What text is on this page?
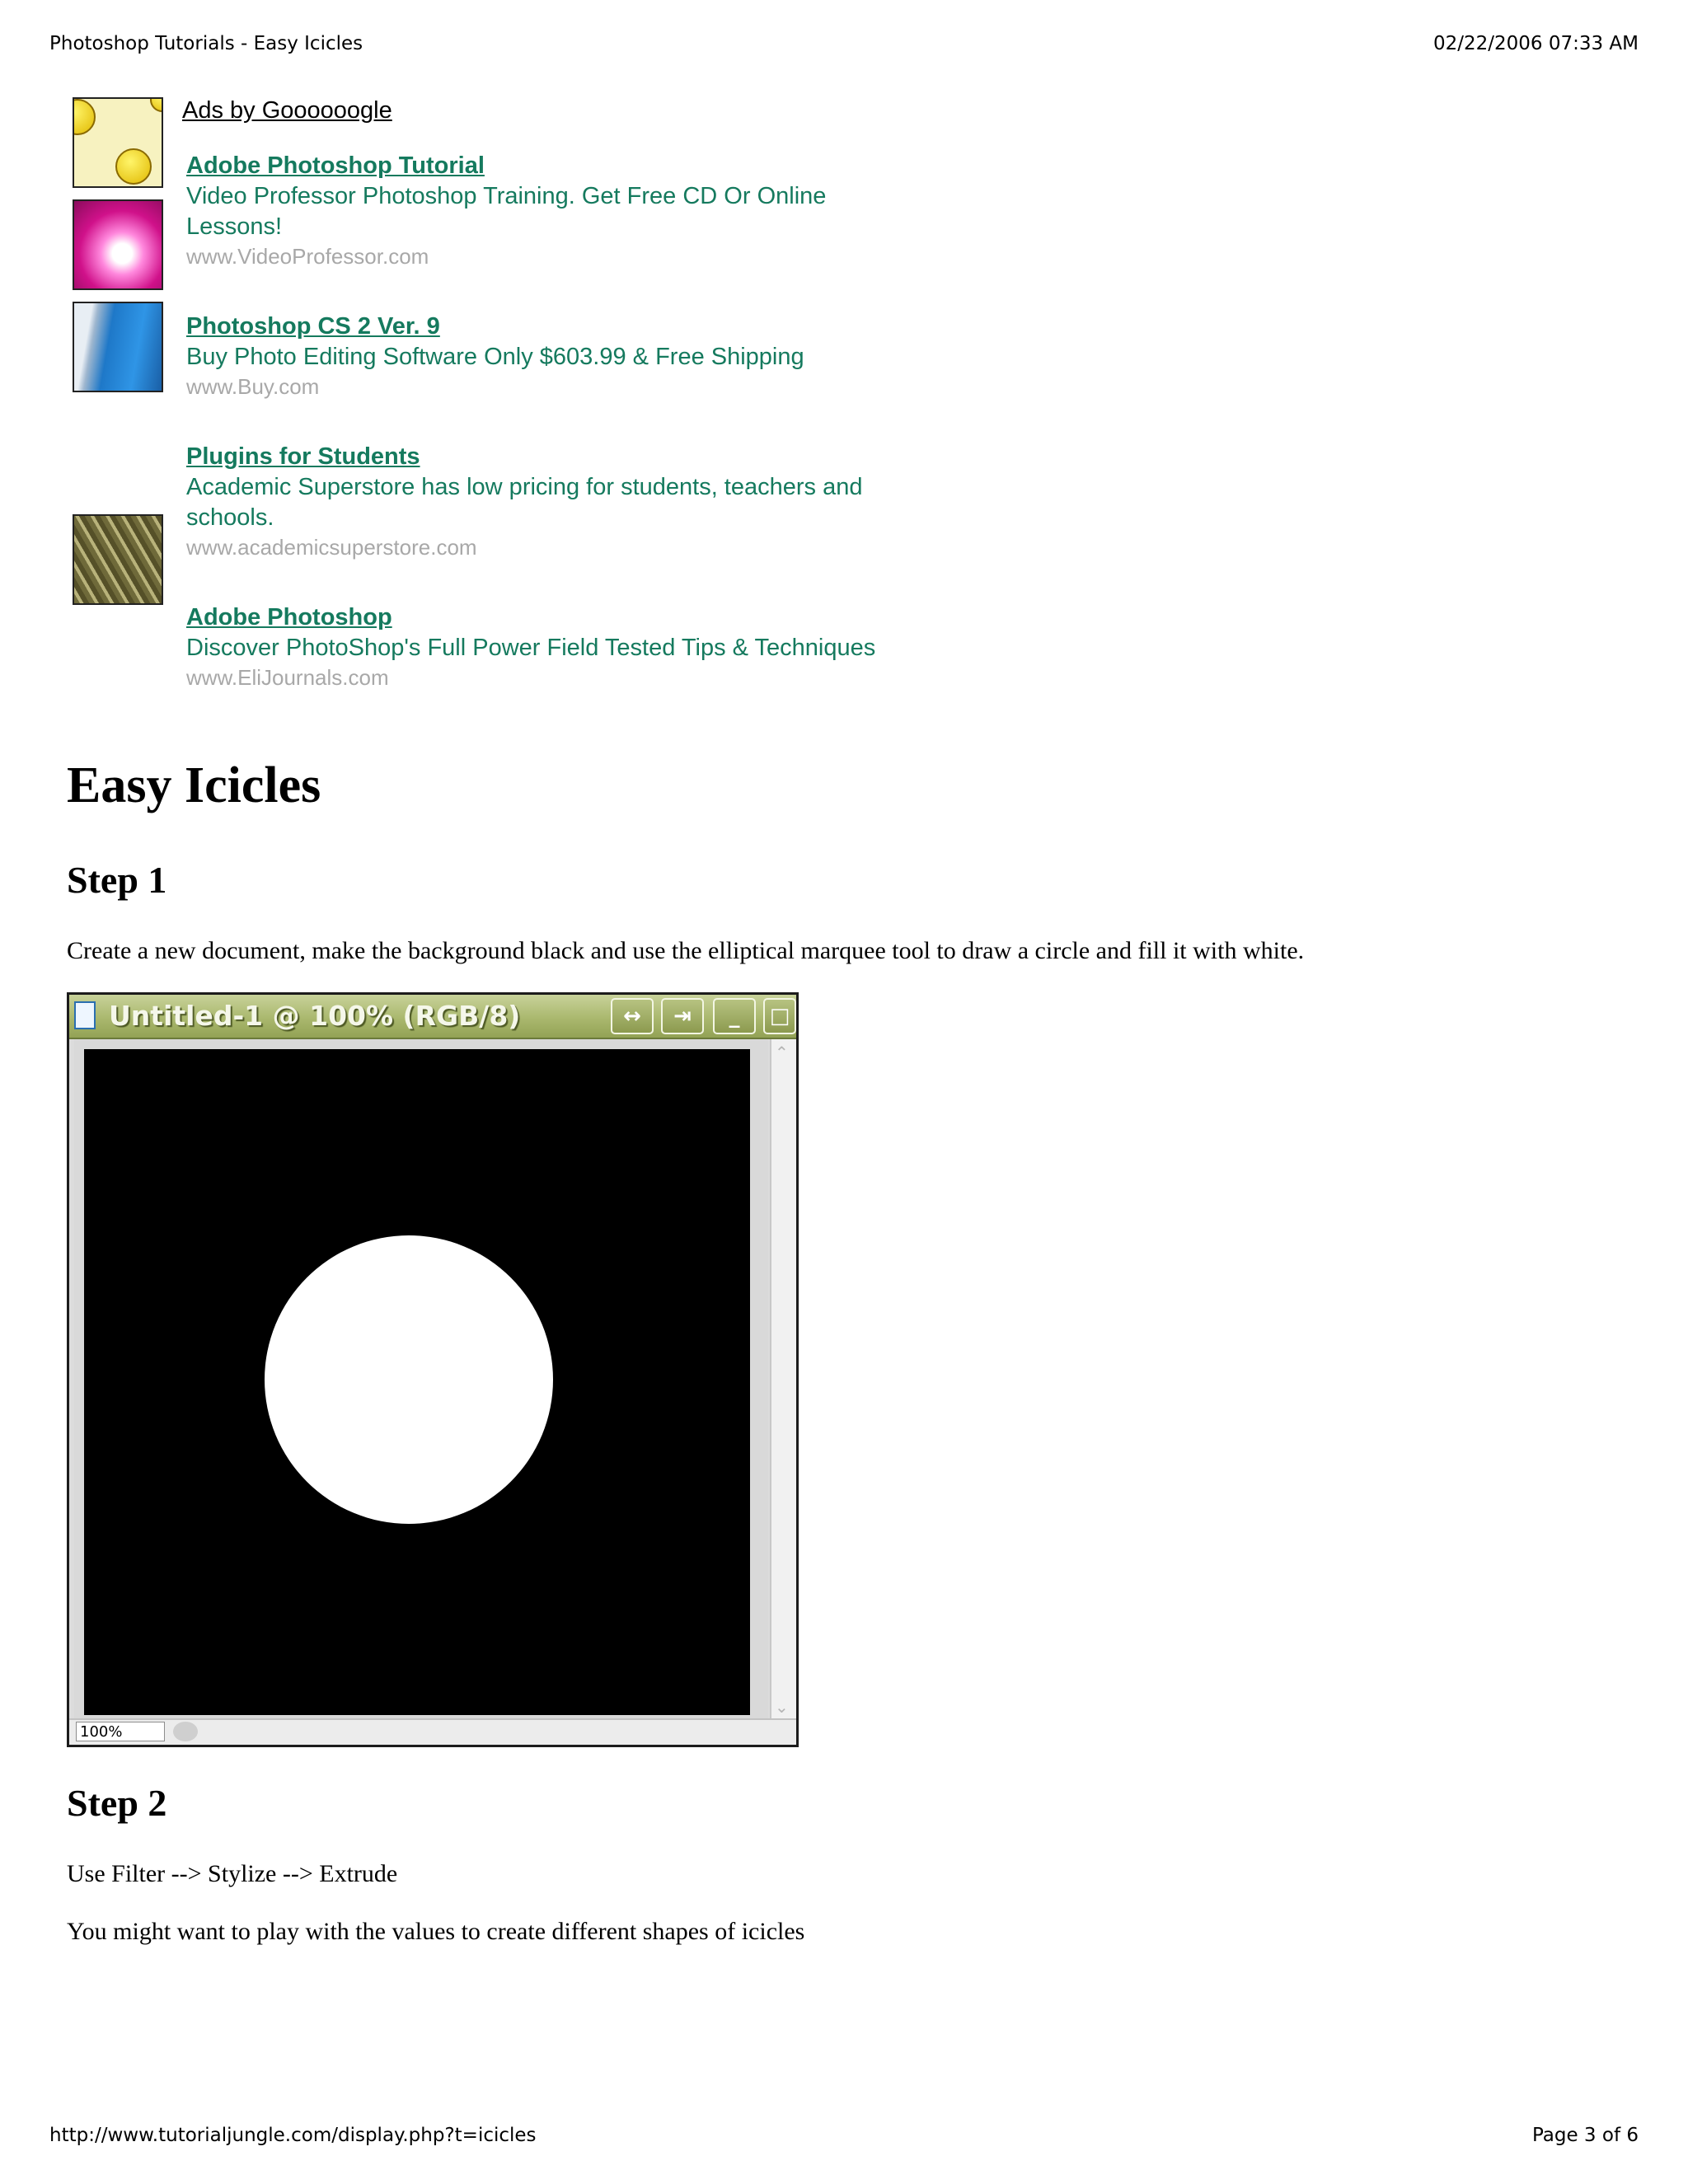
Photoshop Tutorials - Easy Icicles	02/22/2006 07:33 AM
Ads by Goooooogle
Adobe Photoshop Tutorial
Video Professor Photoshop Training. Get Free CD Or Online
Lessons!
www.VideoProfessor.com
Photoshop CS 2 Ver. 9
Buy Photo Editing Software Only $603.99 & Free Shipping
www.Buy.com
Plugins for Students
Academic Superstore has low pricing for students, teachers and
schools.
www.academicsuperstore.com
Adobe Photoshop
Discover PhotoShop's Full Power Field Tested Tips & Techniques
www.EliJournals.com
Easy Icicles
Step 1
Create a new document, make the background black and use the elliptical marquee tool to draw a circle and fill it with white.
Untitled-1 @ 100% (RGB/8)	↔	⇥	_	□
⌃
⌄
100%
Step 2
Use Filter --> Stylize --> Extrude
You might want to play with the values to create different shapes of icicles
http://www.tutorialjungle.com/display.php?t=icicles	Page 3 of 6
